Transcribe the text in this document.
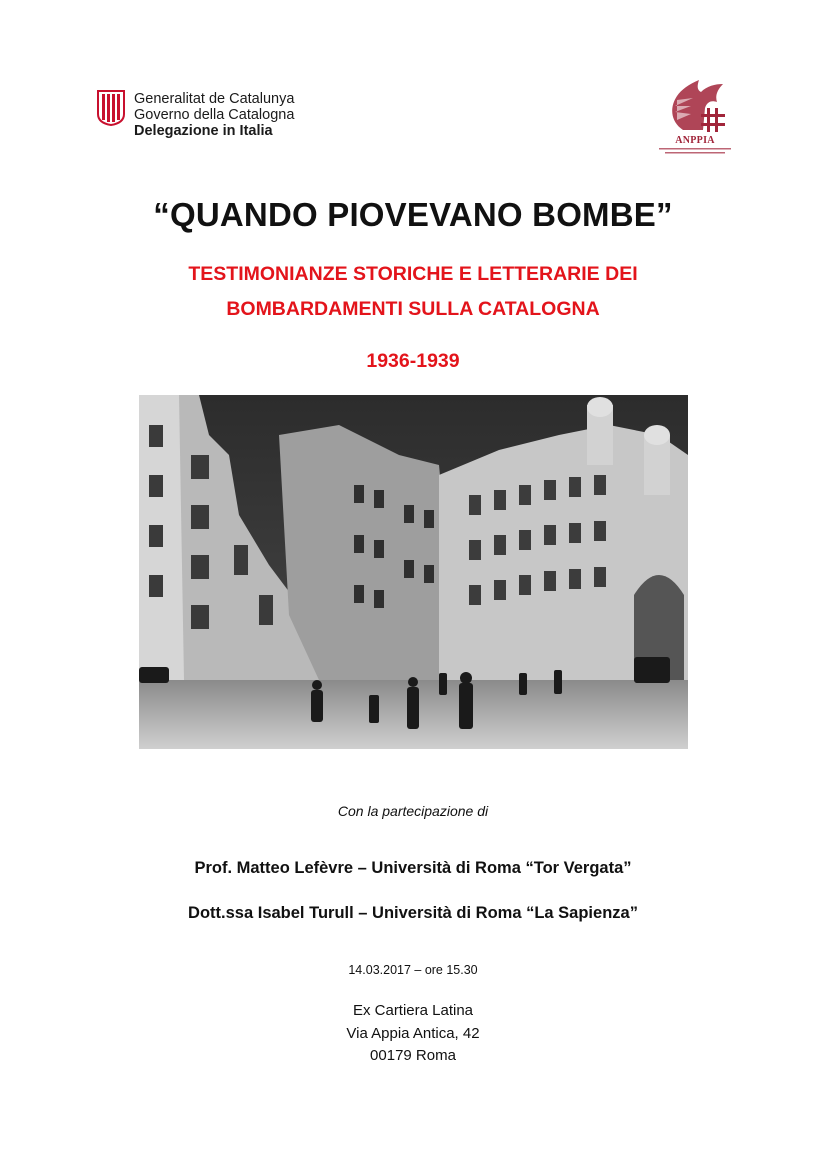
Generalitat de Catalunya
Governo della Catalogna
Delegazione in Italia
ANPPIA
“QUANDO PIOVEVANO BOMBE”
TESTIMONIANZE STORICHE E LETTERARIE DEI
BOMBARDAMENTI SULLA CATALOGNA
1936-1939
Con la partecipazione di
Prof. Matteo Lefèvre – Università di Roma “Tor Vergata”
Dott.ssa Isabel Turull – Università di Roma “La Sapienza”
14.03.2017 – ore 15.30
Ex Cartiera Latina
Via Appia Antica, 42
00179 Roma
